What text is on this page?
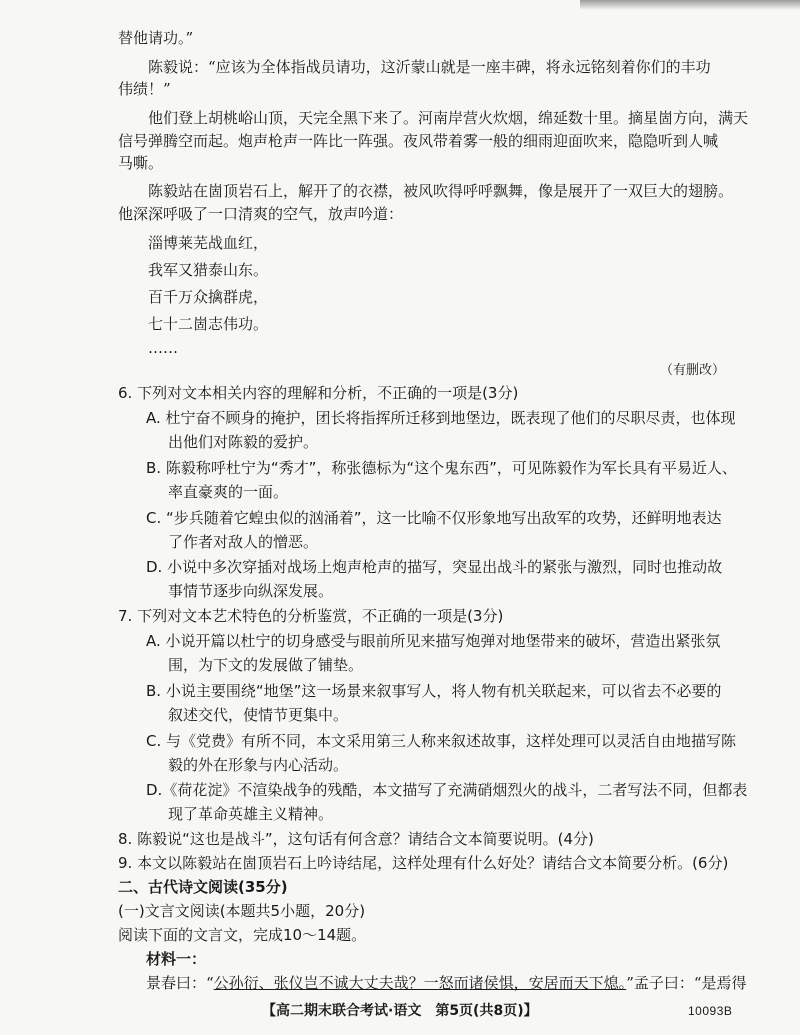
替他请功。”
陈毅说：“应该为全体指战员请功，这沂蒙山就是一座丰碑，将永远铭刻着你们的丰功
伟绩！”
他们登上胡桃峪山顶，天完全黑下来了。河南岸营火炊烟，绵延数十里。摘星崮方向，满天
信号弹腾空而起。炮声枪声一阵比一阵强。夜风带着雾一般的细雨迎面吹来，隐隐听到人喊
马嘶。
陈毅站在崮顶岩石上，解开了的衣襟，被风吹得呼呼飘舞，像是展开了一双巨大的翅膀。
他深深呼吸了一口清爽的空气，放声吟道：
淄博莱芜战血红，
我军又猎泰山东。
百千万众擒群虎，
七十二崮志伟功。
……
（有删改）
6. 下列对文本相关内容的理解和分析，不正确的一项是(3分)
A. 杜宁奋不顾身的掩护，团长将指挥所迁移到地堡边，既表现了他们的尽职尽责，也体现
出他们对陈毅的爱护。
B. 陈毅称呼杜宁为“秀才”，称张德标为“这个鬼东西”，可见陈毅作为军长具有平易近人、
率直豪爽的一面。
C. “步兵随着它蝗虫似的汹涌着”，这一比喻不仅形象地写出敌军的攻势，还鲜明地表达
了作者对敌人的憎恶。
D. 小说中多次穿插对战场上炮声枪声的描写，突显出战斗的紧张与激烈，同时也推动故
事情节逐步向纵深发展。
7. 下列对文本艺术特色的分析鉴赏，不正确的一项是(3分)
A. 小说开篇以杜宁的切身感受与眼前所见来描写炮弹对地堡带来的破坏，营造出紧张氛
围，为下文的发展做了铺垫。
B. 小说主要围绕“地堡”这一场景来叙事写人，将人物有机关联起来，可以省去不必要的
叙述交代，使情节更集中。
C. 与《党费》有所不同，本文采用第三人称来叙述故事，这样处理可以灵活自由地描写陈
毅的外在形象与内心活动。
D.《荷花淀》不渲染战争的残酷，本文描写了充满硝烟烈火的战斗，二者写法不同，但都表
现了革命英雄主义精神。
8. 陈毅说“这也是战斗”，这句话有何含意？请结合文本简要说明。(4分)
9. 本文以陈毅站在崮顶岩石上吟诗结尾，这样处理有什么好处？请结合文本简要分析。(6分)
二、古代诗文阅读(35分)
(一)文言文阅读(本题共5小题，20分)
阅读下面的文言文，完成10～14题。
材料一：
景春曰：“公孙衍、张仪岂不诚大丈夫哉？一怒而诸侯惧，安居而天下熄。”孟子曰：“是焉得
【高二期末联合考试·语文　第5页(共8页)】	10093B
